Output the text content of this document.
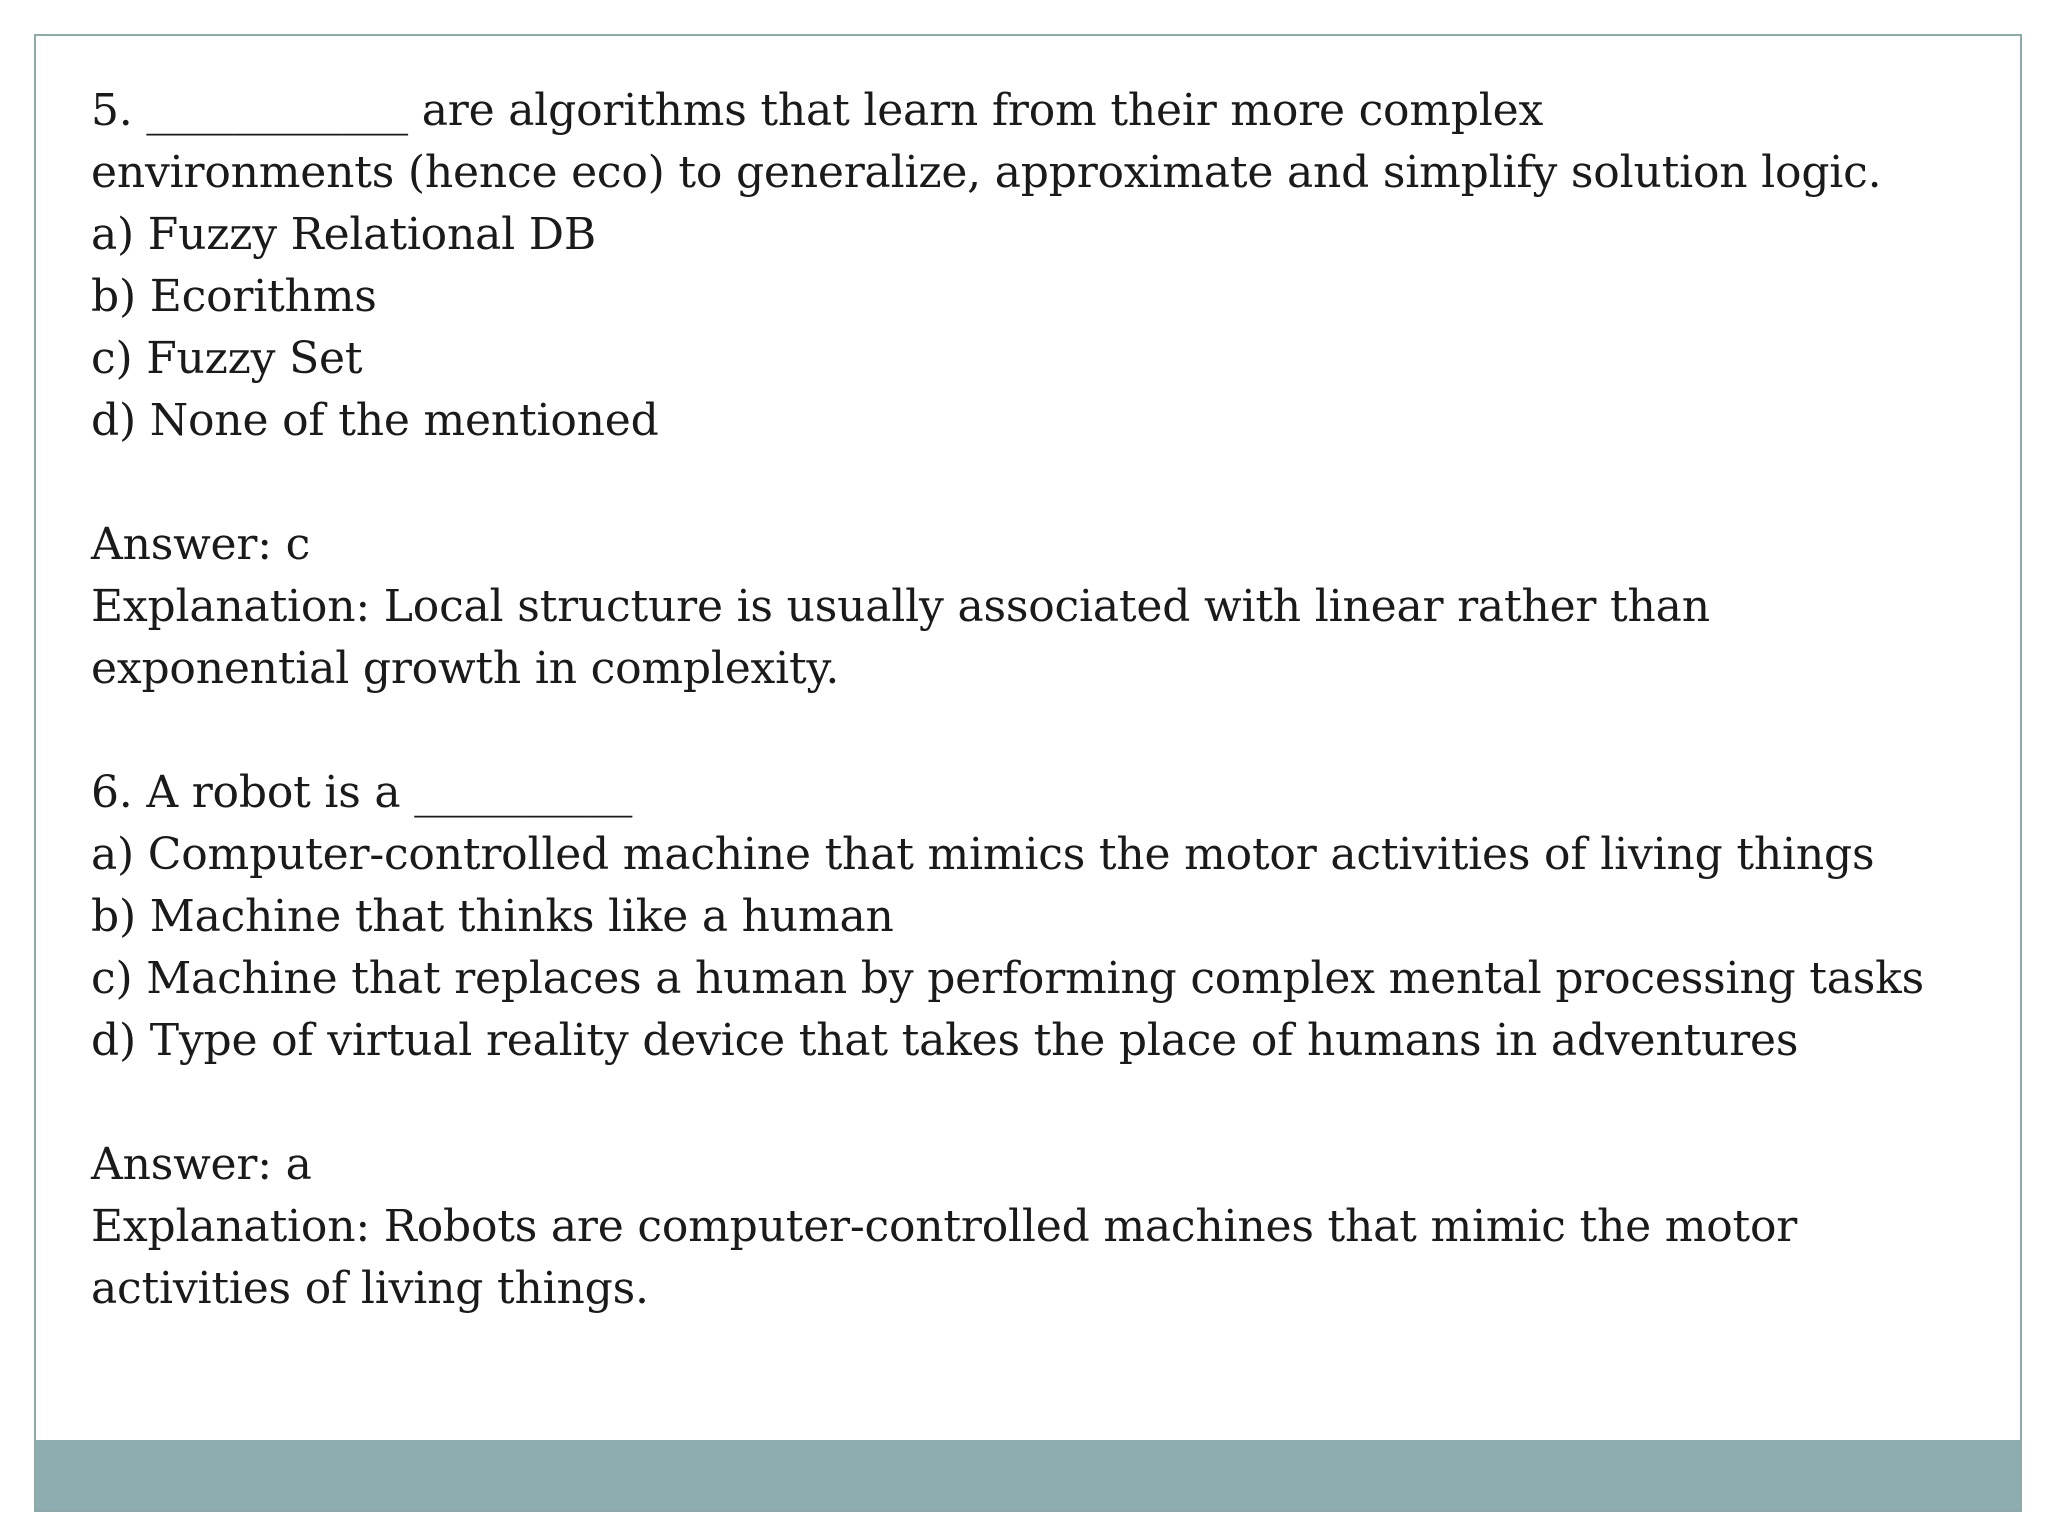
5. ____________ are algorithms that learn from their more complex
environments (hence eco) to generalize, approximate and simplify solution logic.
a) Fuzzy Relational DB
b) Ecorithms
c) Fuzzy Set
d) None of the mentioned
Answer: c
Explanation: Local structure is usually associated with linear rather than
exponential growth in complexity.
6. A robot is a __________
a) Computer-controlled machine that mimics the motor activities of living things
b) Machine that thinks like a human
c) Machine that replaces a human by performing complex mental processing tasks
d) Type of virtual reality device that takes the place of humans in adventures
Answer: a
Explanation: Robots are computer-controlled machines that mimic the motor
activities of living things.
